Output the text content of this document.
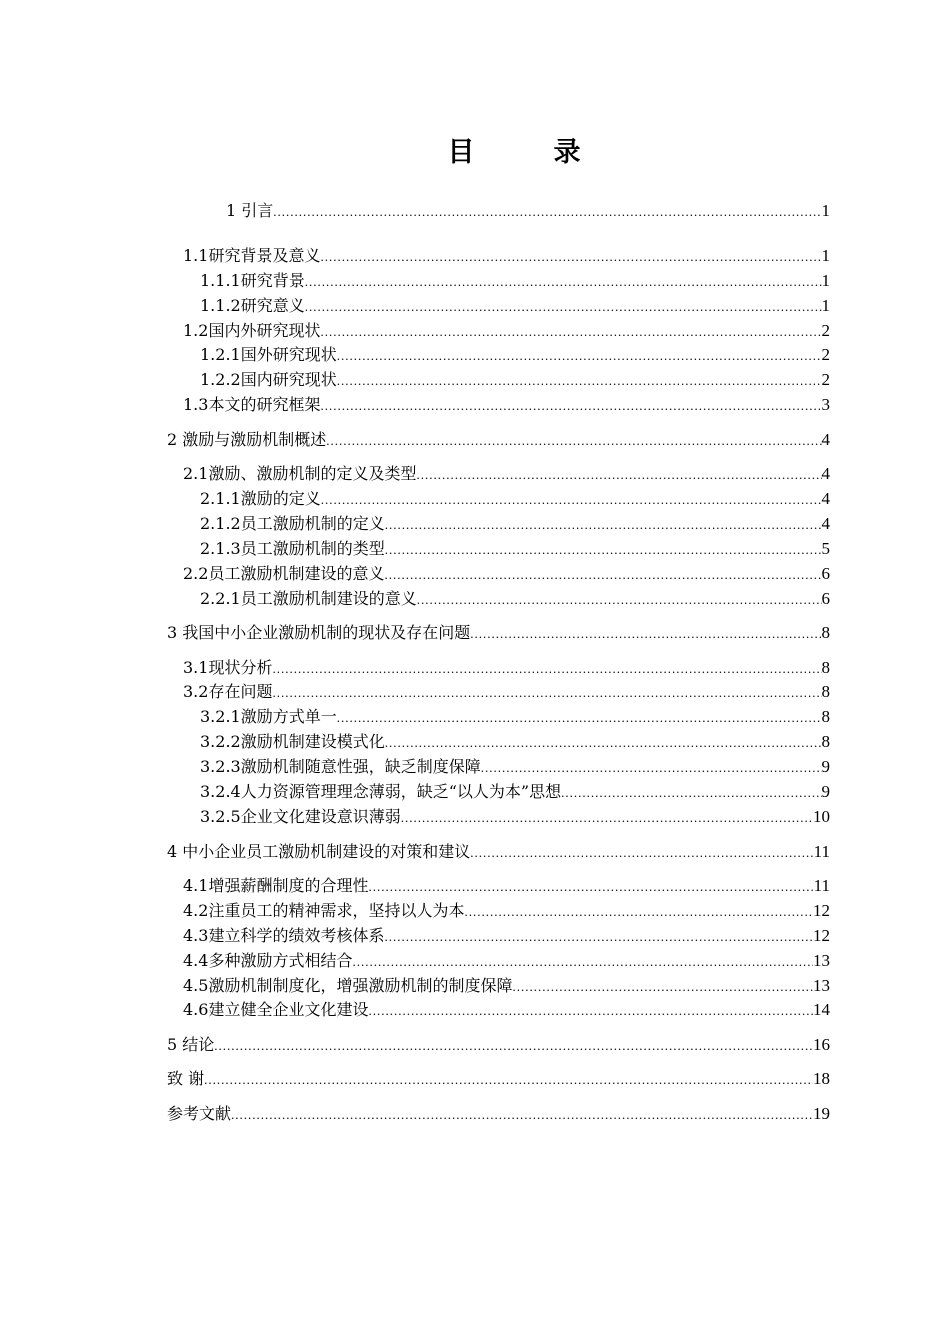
目　录
1 引言 .....	1
1.1研究背景及意义 .....	1
1.1.1研究背景 .....	1
1.1.2研究意义 .....	1
1.2国内外研究现状 .....	2
1.2.1国外研究现状 .....	2
1.2.2国内研究现状 .....	2
1.3本文的研究框架 .....	3
2 激励与激励机制概述 .....	4
2.1激励、激励机制的定义及类型 .....	4
2.1.1激励的定义 .....	4
2.1.2员工激励机制的定义 .....	4
2.1.3员工激励机制的类型 .....	5
2.2员工激励机制建设的意义 .....	6
2.2.1员工激励机制建设的意义 .....	6
3 我国中小企业激励机制的现状及存在问题 .....	8
3.1现状分析 .....	8
3.2存在问题 .....	8
3.2.1激励方式单一 .....	8
3.2.2激励机制建设模式化 .....	8
3.2.3激励机制随意性强，缺乏制度保障 .....	9
3.2.4人力资源管理理念薄弱，缺乏“以人为本”思想 .....	9
3.2.5企业文化建设意识薄弱 .....	10
4 中小企业员工激励机制建设的对策和建议 .....	11
4.1增强薪酬制度的合理性 .....	11
4.2注重员工的精神需求，坚持以人为本 .....	12
4.3建立科学的绩效考核体系 .....	12
4.4多种激励方式相结合 .....	13
4.5激励机制制度化，增强激励机制的制度保障 .....	13
4.6建立健全企业文化建设 .....	14
5 结论 .....	16
致 谢 .....	18
参考文献 .....	19
